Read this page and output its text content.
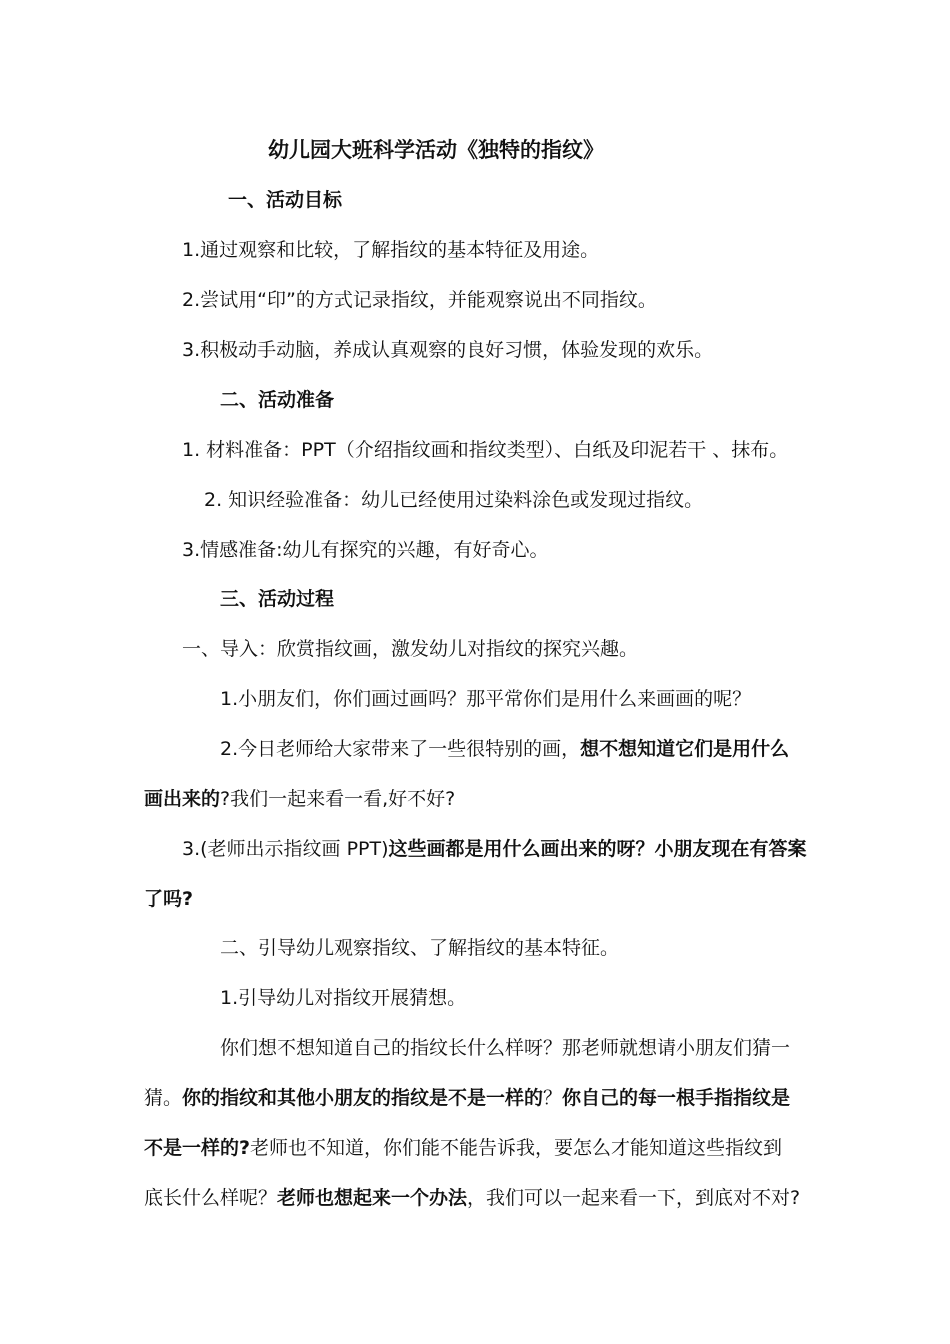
幼儿园大班科学活动《独特的指纹》

一、活动目标

1.通过观察和比较，了解指纹的基本特征及用途。

2.尝试用“印”的方式记录指纹，并能观察说出不同指纹。

3.积极动手动脑，养成认真观察的良好习惯，体验发现的欢乐。

二、活动准备

1. 材料准备：PPT（介绍指纹画和指纹类型）、白纸及印泥若干 、抹布。

2. 知识经验准备：幼儿已经使用过染料涂色或发现过指纹。

3.情感准备:幼儿有探究的兴趣，有好奇心。

三、活动过程

一、导入：欣赏指纹画，激发幼儿对指纹的探究兴趣。

1.小朋友们，你们画过画吗？那平常你们是用什么来画画的呢？

2.今日老师给大家带来了一些很特别的画，想不想知道它们是用什么

画出来的?我们一起来看一看,好不好?

3.(老师出示指纹画 PPT)这些画都是用什么画出来的呀？小朋友现在有答案

了吗?

二、引导幼儿观察指纹、了解指纹的基本特征。

1.引导幼儿对指纹开展猜想。

你们想不想知道自己的指纹长什么样呀？那老师就想请小朋友们猜一

猜。你的指纹和其他小朋友的指纹是不是一样的？你自己的每一根手指指纹是

不是一样的?老师也不知道，你们能不能告诉我，要怎么才能知道这些指纹到

底长什么样呢？老师也想起来一个办法，我们可以一起来看一下，到底对不对?
